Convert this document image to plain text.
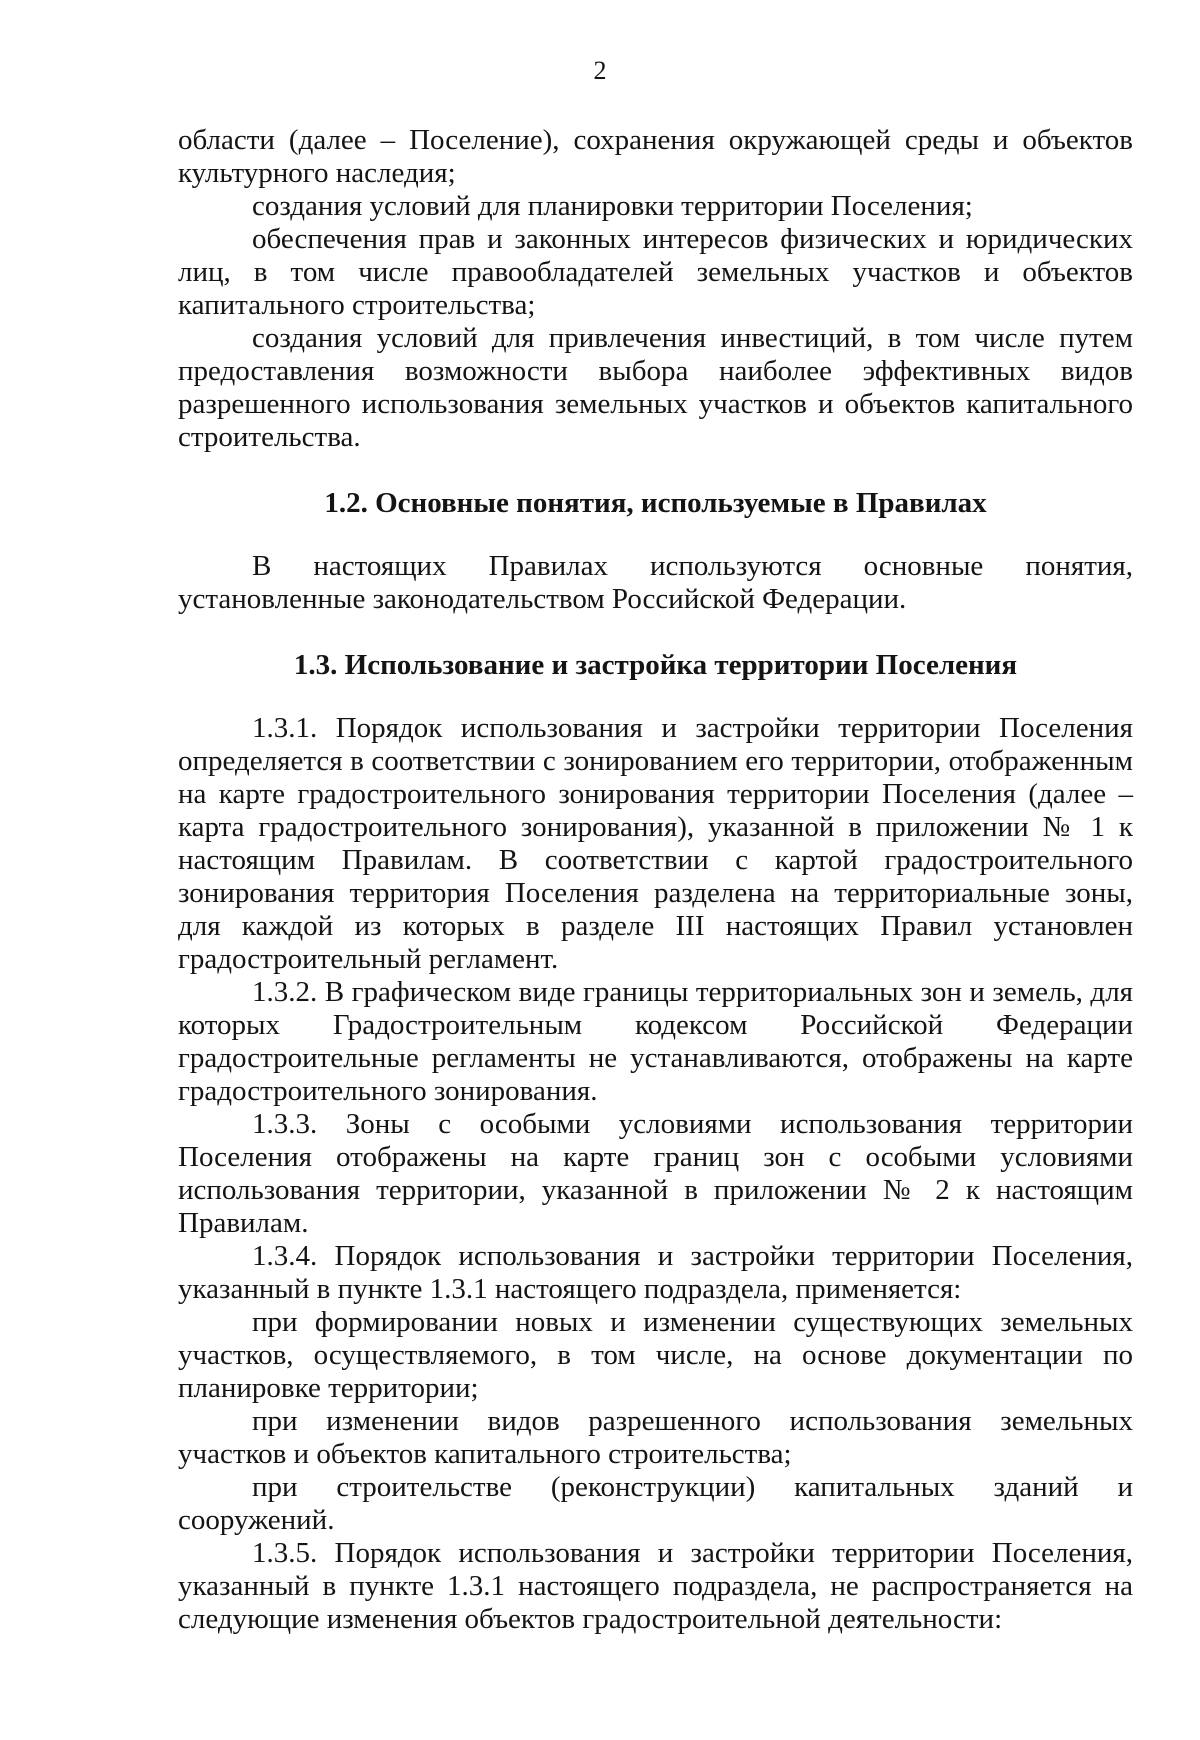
2

области (далее – Поселение), сохранения окружающей среды и объектов культурного наследия;

создания условий для планировки территории Поселения;

обеспечения прав и законных интересов физических и юридических лиц, в том числе правообладателей земельных участков и объектов капитального строительства;

создания условий для привлечения инвестиций, в том числе путем предоставления возможности выбора наиболее эффективных видов разрешенного использования земельных участков и объектов капитального строительства.

1.2. Основные понятия, используемые в Правилах

В настоящих Правилах используются основные понятия, установленные законодательством Российской Федерации.

1.3. Использование и застройка территории Поселения

1.3.1. Порядок использования и застройки территории Поселения определяется в соответствии с зонированием его территории, отображенным на карте градостроительного зонирования территории Поселения (далее – карта градостроительного зонирования), указанной в приложении № 1 к настоящим Правилам. В соответствии с картой градостроительного зонирования территория Поселения разделена на территориальные зоны, для каждой из которых в разделе III настоящих Правил установлен градостроительный регламент.

1.3.2. В графическом виде границы территориальных зон и земель, для которых Градостроительным кодексом Российской Федерации градостроительные регламенты не устанавливаются, отображены на карте градостроительного зонирования.

1.3.3. Зоны с особыми условиями использования территории Поселения отображены на карте границ зон с особыми условиями использования территории, указанной в приложении № 2 к настоящим Правилам.

1.3.4. Порядок использования и застройки территории Поселения, указанный в пункте 1.3.1 настоящего подраздела, применяется:

при формировании новых и изменении существующих земельных участков, осуществляемого, в том числе, на основе документации по планировке территории;

при изменении видов разрешенного использования земельных участков и объектов капитального строительства;

при строительстве (реконструкции) капитальных зданий и сооружений.

1.3.5. Порядок использования и застройки территории Поселения, указанный в пункте 1.3.1 настоящего подраздела, не распространяется на следующие изменения объектов градостроительной деятельности:
